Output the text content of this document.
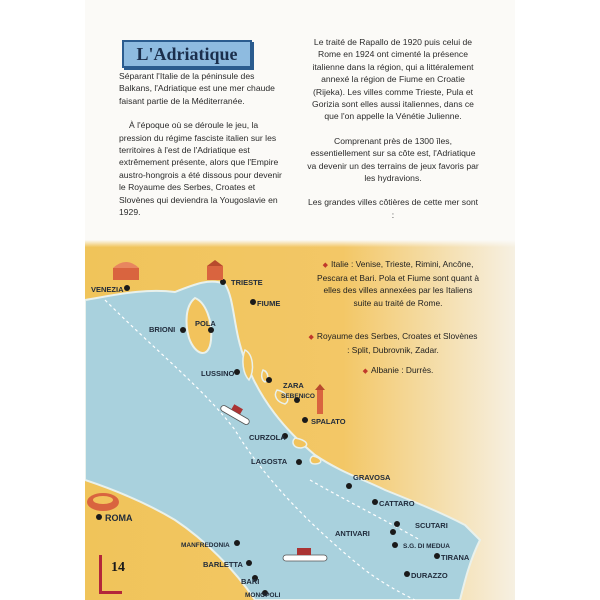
L'Adriatique

Séparant l'Italie de la péninsule des Balkans, l'Adriatique est une mer chaude faisant partie de la Méditerranée.

À l'époque où se déroule le jeu, la pression du régime fasciste italien sur les territoires à l'est de l'Adriatique est extrêmement présente, alors que l'Empire austro-hongrois a été dissous pour devenir le Royaume des Serbes, Croates et Slovènes qui deviendra la Yougoslavie en 1929.

Le traité de Rapallo de 1920 puis celui de Rome en 1924 ont cimenté la présence italienne dans la région, qui a littéralement annexé la région de Fiume en Croatie (Rijeka). Les villes comme Trieste, Pula et Gorizia sont elles aussi italiennes, dans ce que l'on appelle la Vénétie Julienne.

Comprenant près de 1300 îles, essentiellement sur sa côte est, l'Adriatique va devenir un des terrains de jeux favoris par les hydravions.

Les grandes villes côtières de cette mer sont :

VENEZIA
TRIESTE
FIUME
BRIONI
POLA
LUSSINO
ZARA
SEBENICO
SPALATO
CURZOLA
LAGOSTA
GRAVOSA
CATTARO
SCUTARI
ANTIVARI
S.G. DI MEDUA
TIRANA
DURAZZO
ROMA
MANFREDONIA
BARLETTA
BARI
MONOPOLI
◆ Italie : Venise, Trieste, Rimini, Ancône, Pescara et Bari. Pola et Fiume sont quant à elles des villes annexées par les Italiens suite au traité de Rome.
◆ Royaume des Serbes, Croates et Slovènes : Split, Dubrovnik, Zadar.
◆ Albanie : Durrès.
14
